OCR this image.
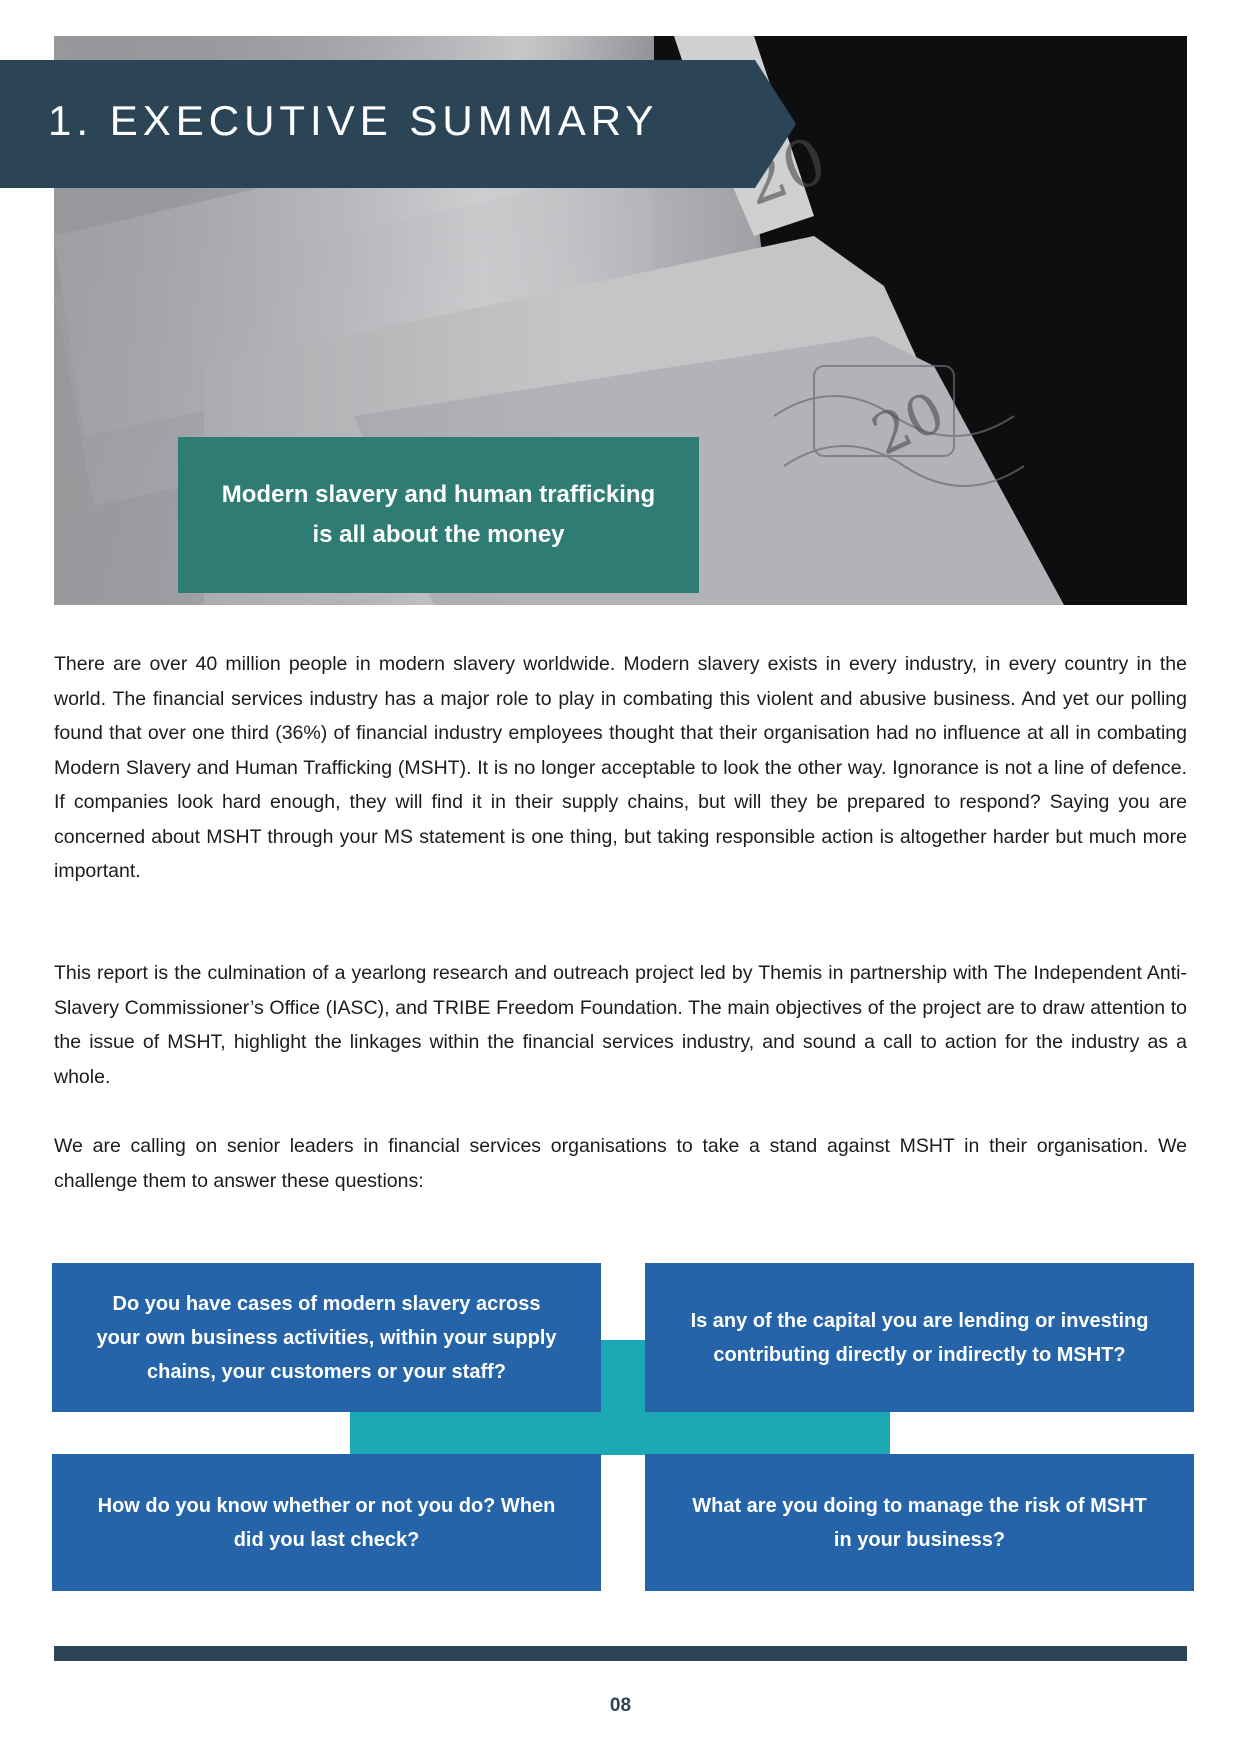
Modern slavery and human trafficking is all about the money
1. EXECUTIVE SUMMARY

There are over 40 million people in modern slavery worldwide. Modern slavery exists in every industry, in every country in the world. The financial services industry has a major role to play in combating this violent and abusive business. And yet our polling found that over one third (36%) of financial industry employees thought that their organisation had no influence at all in combating Modern Slavery and Human Trafficking (MSHT). It is no longer acceptable to look the other way. Ignorance is not a line of defence. If companies look hard enough, they will find it in their supply chains, but will they be prepared to respond? Saying you are concerned about MSHT through your MS statement is one thing, but taking responsible action is altogether harder but much more important.

This report is the culmination of a yearlong research and outreach project led by Themis in partnership with The Independent Anti-Slavery Commissioner’s Office (IASC), and TRIBE Freedom Foundation. The main objectives of the project are to draw attention to the issue of MSHT, highlight the linkages within the financial services industry, and sound a call to action for the industry as a whole.

We are calling on senior leaders in financial services organisations to take a stand against MSHT in their organisation. We challenge them to answer these questions:

Do you have cases of modern slavery across your own business activities, within your supply chains, your customers or your staff?
Is any of the capital you are lending or investing contributing directly or indirectly to MSHT?
How do you know whether or not you do? When did you last check?
What are you doing to manage the risk of MSHT in your business?
08
